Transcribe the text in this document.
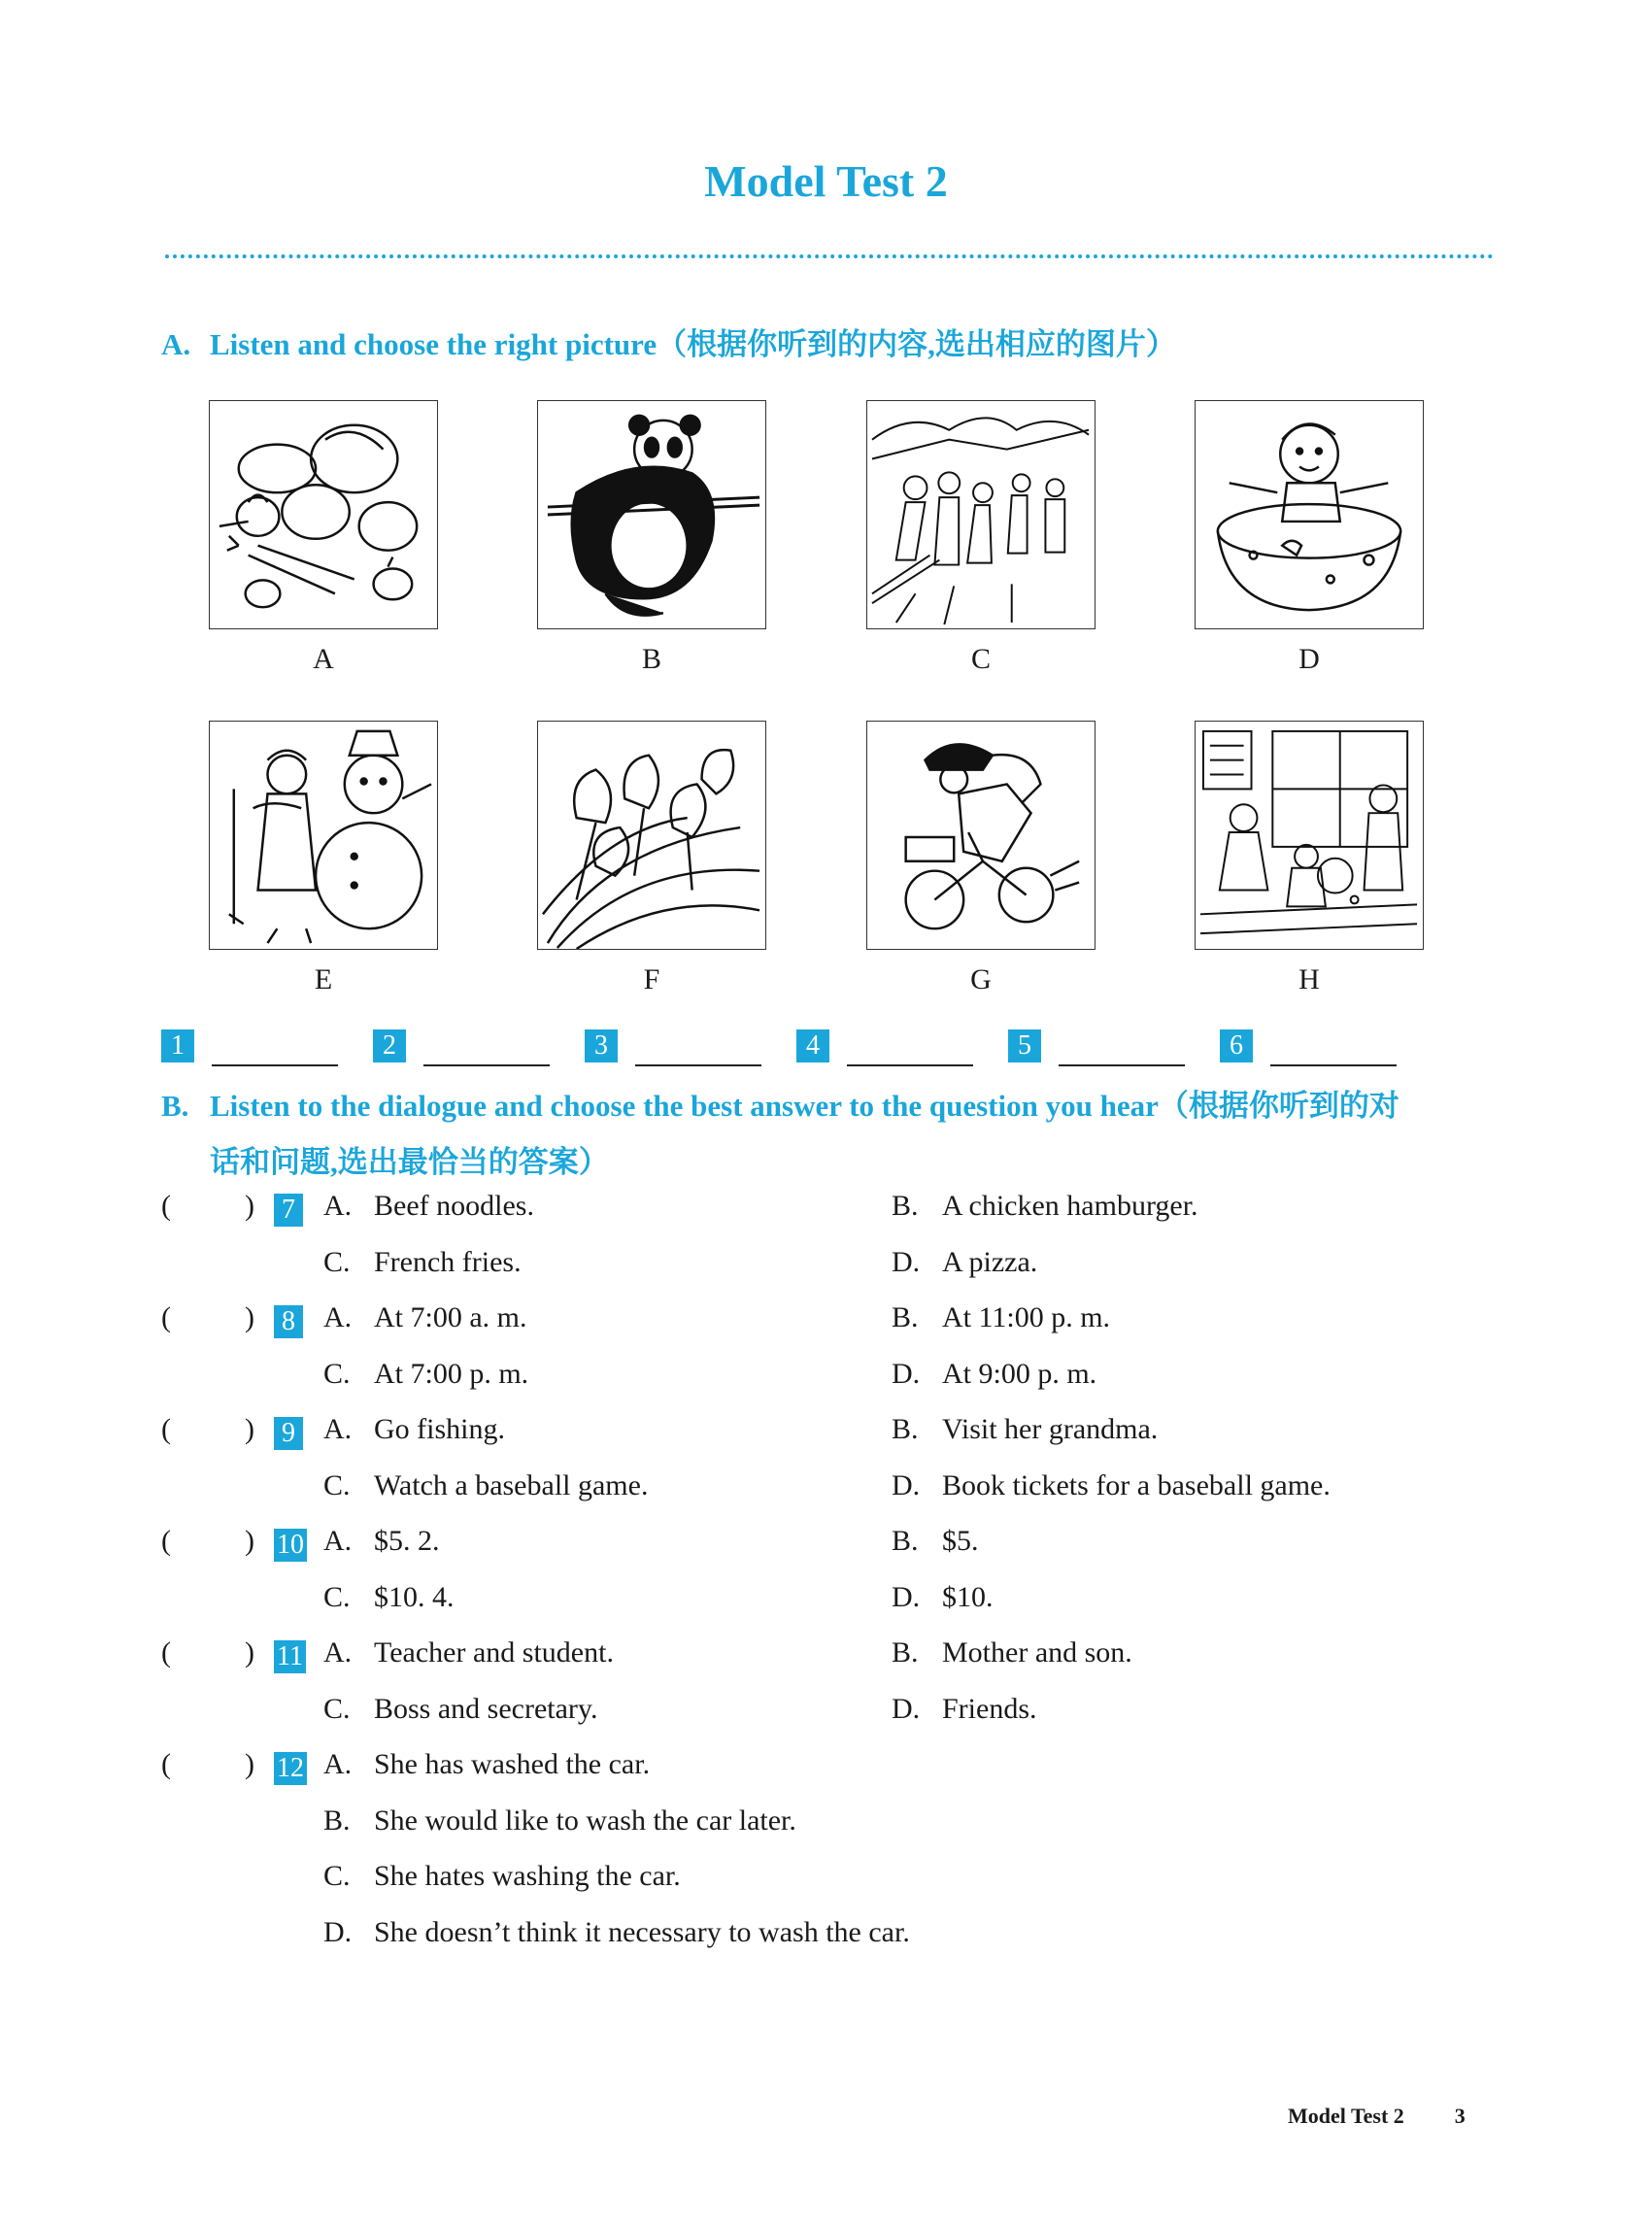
Model Test 2
A. Listen and choose the right picture（根据你听到的内容,选出相应的图片）
A	B	C	D
E	F	G	H
1	2	3	4	5	6
B. Listen to the dialogue and choose the best answer to the question you hear（根据你听到的对
话和问题,选出最恰当的答案）
(	) 7 A. Beef noodles.	B. A chicken hamburger.
C. French fries.	D. A pizza.
(	) 8 A. At 7:00 a. m.	B. At 11:00 p. m.
C. At 7:00 p. m.	D. At 9:00 p. m.
(	) 9 A. Go fishing.	B. Visit her grandma.
C. Watch a baseball game.	D. Book tickets for a baseball game.
(	) 10 A. $5. 2.	B. $5.
C. $10. 4.	D. $10.
(	) 11 A. Teacher and student.	B. Mother and son.
C. Boss and secretary.	D. Friends.
(	) 12 A. She has washed the car.
B. She would like to wash the car later.
C. She hates washing the car.
D. She doesn’t think it necessary to wash the car.
Model Test 2 3
